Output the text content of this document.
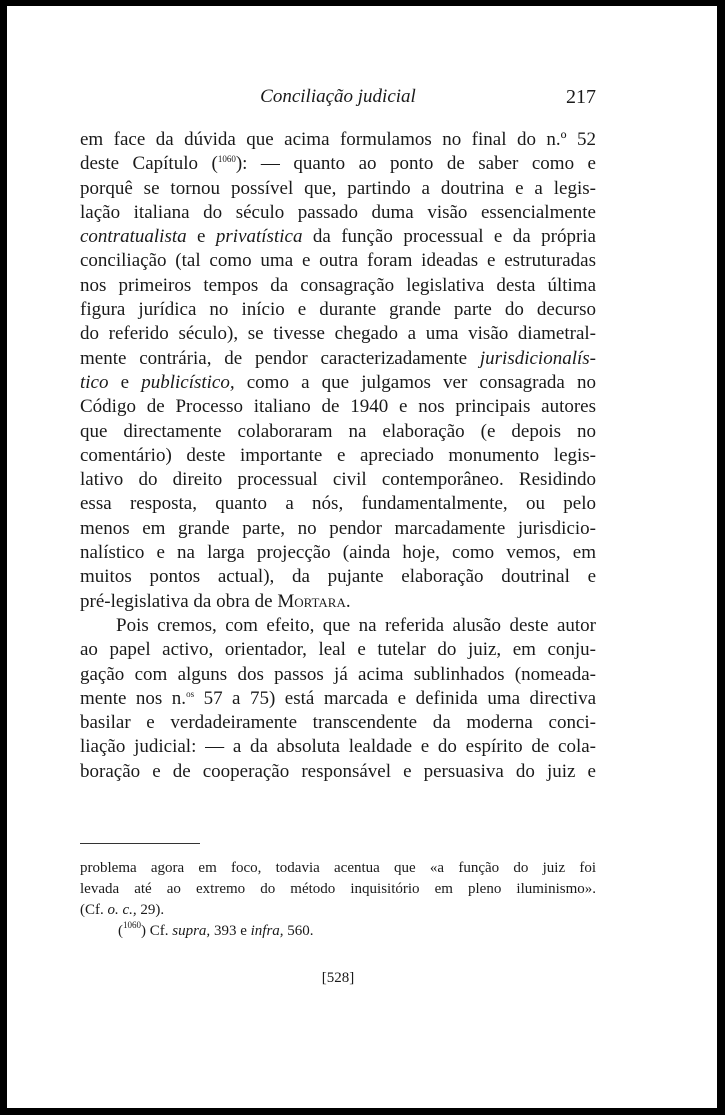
Conciliação judicial	217
em face da dúvida que acima formulamos no final do n.º 52
deste Capítulo ($^{1060}$): — quanto ao ponto de saber como e
porquê se tornou possível que, partindo a doutrina e a legis-
lação italiana do século passado duma visão essencialmente
contratualista e privatística da função processual e da própria
conciliação (tal como uma e outra foram ideadas e estruturadas
nos primeiros tempos da consagração legislativa desta última
figura jurídica no início e durante grande parte do decurso
do referido século), se tivesse chegado a uma visão diametral-
mente contrária, de pendor caracterizadamente jurisdicionalís-
tico e publicístico, como a que julgamos ver consagrada no
Código de Processo italiano de 1940 e nos principais autores
que directamente colaboraram na elaboração (e depois no
comentário) deste importante e apreciado monumento legis-
lativo do direito processual civil contemporâneo. Residindo
essa resposta, quanto a nós, fundamentalmente, ou pelo
menos em grande parte, no pendor marcadamente jurisdicio-
nalístico e na larga projecção (ainda hoje, como vemos, em
muitos pontos actual), da pujante elaboração doutrinal e
pré-legislativa da obra de Mortara.
Pois cremos, com efeito, que na referida alusão deste autor
ao papel activo, orientador, leal e tutelar do juiz, em conju-
gação com alguns dos passos já acima sublinhados (nomeada-
mente nos n.$^{os}$ 57 a 75) está marcada e definida uma directiva
basilar e verdadeiramente transcendente da moderna conci-
liação judicial: — a da absoluta lealdade e do espírito de cola-
boração e de cooperação responsável e persuasiva do juiz e
problema agora em foco, todavia acentua que «a função do juiz foi
levada até ao extremo do método inquisitório em pleno iluminismo».
(Cf. o. c., 29).
($^{1060}$) Cf. supra, 393 e infra, 560.
[528]
